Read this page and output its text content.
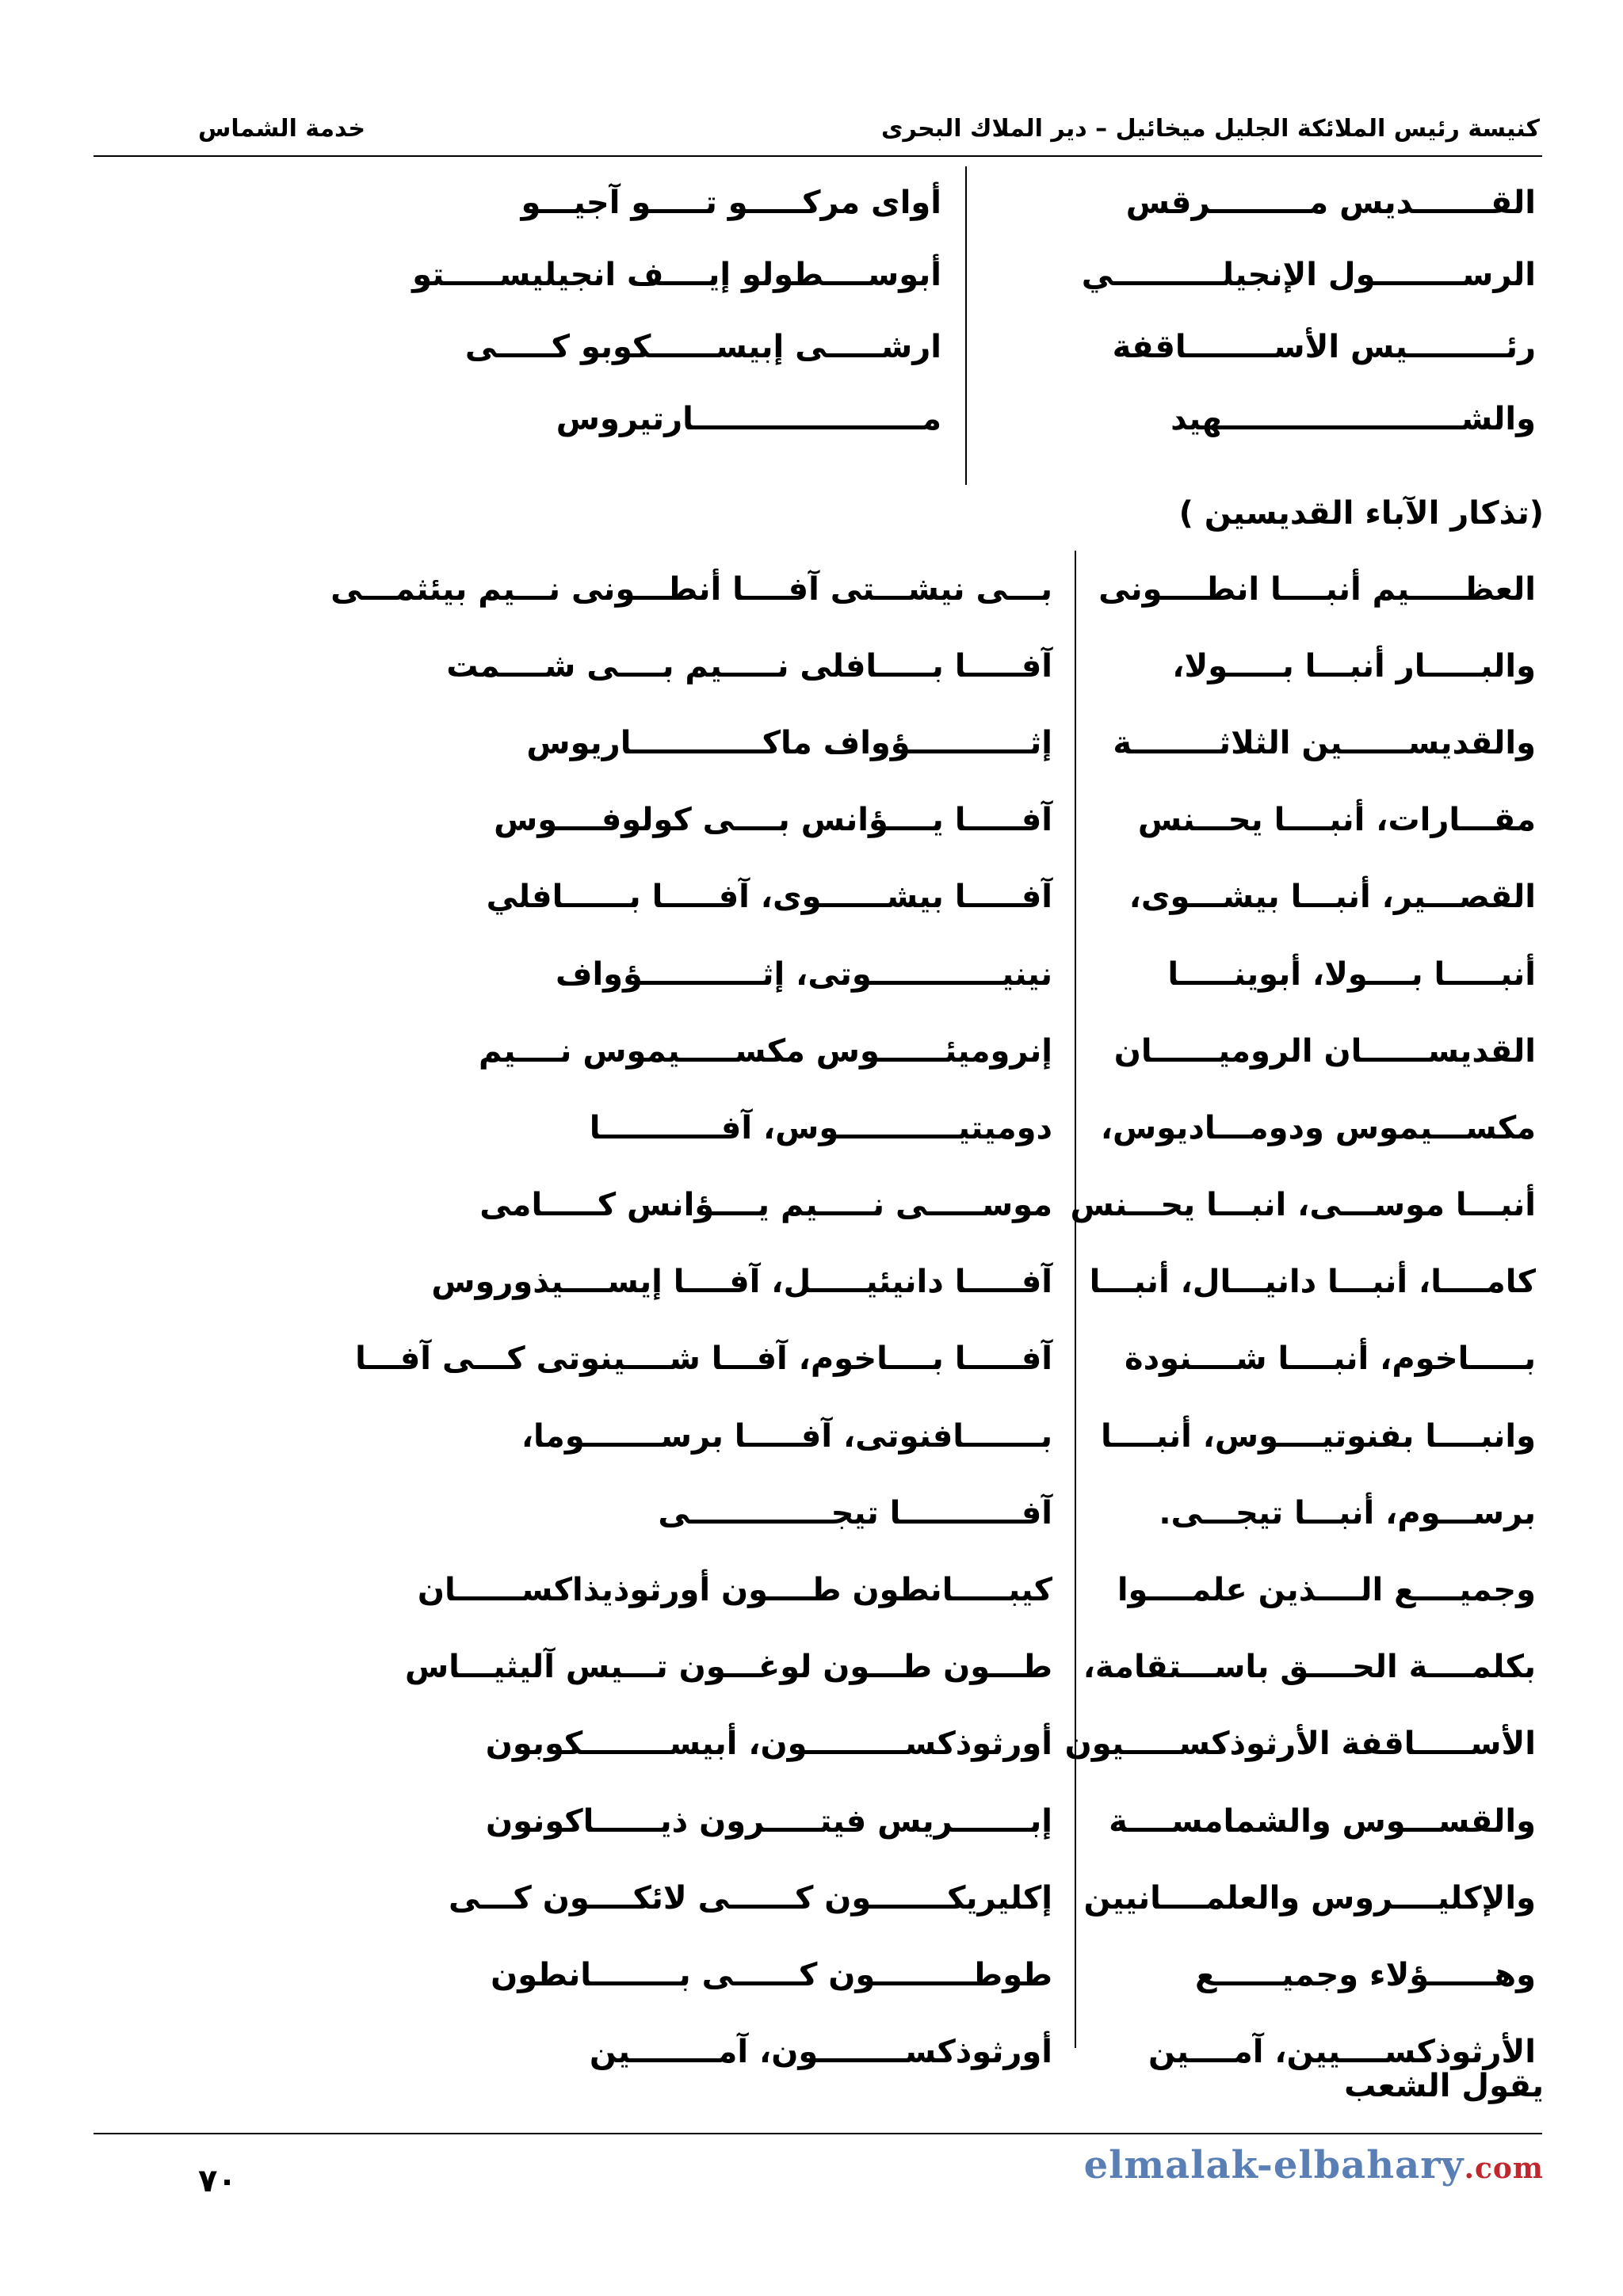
خدمة الشماس	كنيسة رئيس الملائكة الجليل ميخائيل – دير الملاك البحرى
القـــــــديس مـــــــــرقس
أواى مركـــــو تـــــو آجيـــو
الرســــــــول الإنجيلــــــــــي
أبوســــطولو إيــــف انجيليســـــتو
رئـــــــــيس الأســــــــاقفة
ارشـــــى إبيســــــكوبو كـــــى
والشــــــــــــــــــــــهيد
مـــــــــــــــــــــارتيروس
(تذكار الآباء القديسين )
العظـــــيم أنبــــا انطــــونى
بـــى نيشـــتى آفــــا أنطـــونى نـــيم بيئثمـــى
والبـــــار أنبـــا بـــــولا،
آفـــــا بـــــافلى نـــــيم بــــى شــــمت
والقديســــــين الثلاثــــــــة
إثـــــــــــؤواف ماكــــــــــــاريوس
مقـــارات، أنبــــا يحـــنس
آفـــــا يــــؤانس بــــى كولوفــــوس
القصـــير، أنبـــا بيشـــوى،
آفـــــا بيشــــــوى، آفـــــا بــــــافلي
أنبـــــا بــــولا، أبوينـــــا
نينيــــــــــــوتى، إثـــــــــــؤواف
القديســــــان الروميــــــان
إنرومیئــــــوس مكســـــيموس نــــيم
مكســـيموس ودومـــاديوس،
دوميتيـــــــــــوس، آفـــــــــــا
أنبـــا موســـى، انبـــا يحـــنس
موســـــى نـــــيم يــــؤانس كـــــامى
كامــــا، أنبـــا دانيـــال، أنبـــا
آفـــــا دانيئيـــــل، آفــــا إيســــيذوروس
بـــــاخوم، أنبــــا شــــنودة
آفـــــا بــــاخوم، آفـــا شــــينوتى كـــى آفـــا
وانبــــا بفنوتيــــوس، أنبــــا
بـــــــافنوتى، آفـــــا برســـــــوما،
برســـوم، أنبـــا تيجـــى.
آفـــــــــــا تيجـــــــــــــى
وجميــــع الــــذين علمــــوا
كيبـــــانطون طــــون أورثوذيذاكســــــان
بكلمــــة الحــــق باســـتقامة،
طـــون طـــون لوغـــون تـــيس آليثيـــاس
الأســـــاقفة الأرثوذكســـــيون
أورثوذكســـــــــون، أبيســــــــكوبون
والقســـوس والشمامســــة
إبـــــــريس فيتـــــرون ذيــــــاكونون
والإكليــــروس والعلمــــانيين
إكليريكـــــــون كــــــى لائكــــون كـــى
وهــــــؤلاء وجميــــــع
طوطـــــــــون كــــــى بــــــــانطون
الأرثوذكســــيين، آمــــين
أورثوذكســــــــون، آمــــــــين
يقول الشعب
٧٠	elmalak-elbahary.com
